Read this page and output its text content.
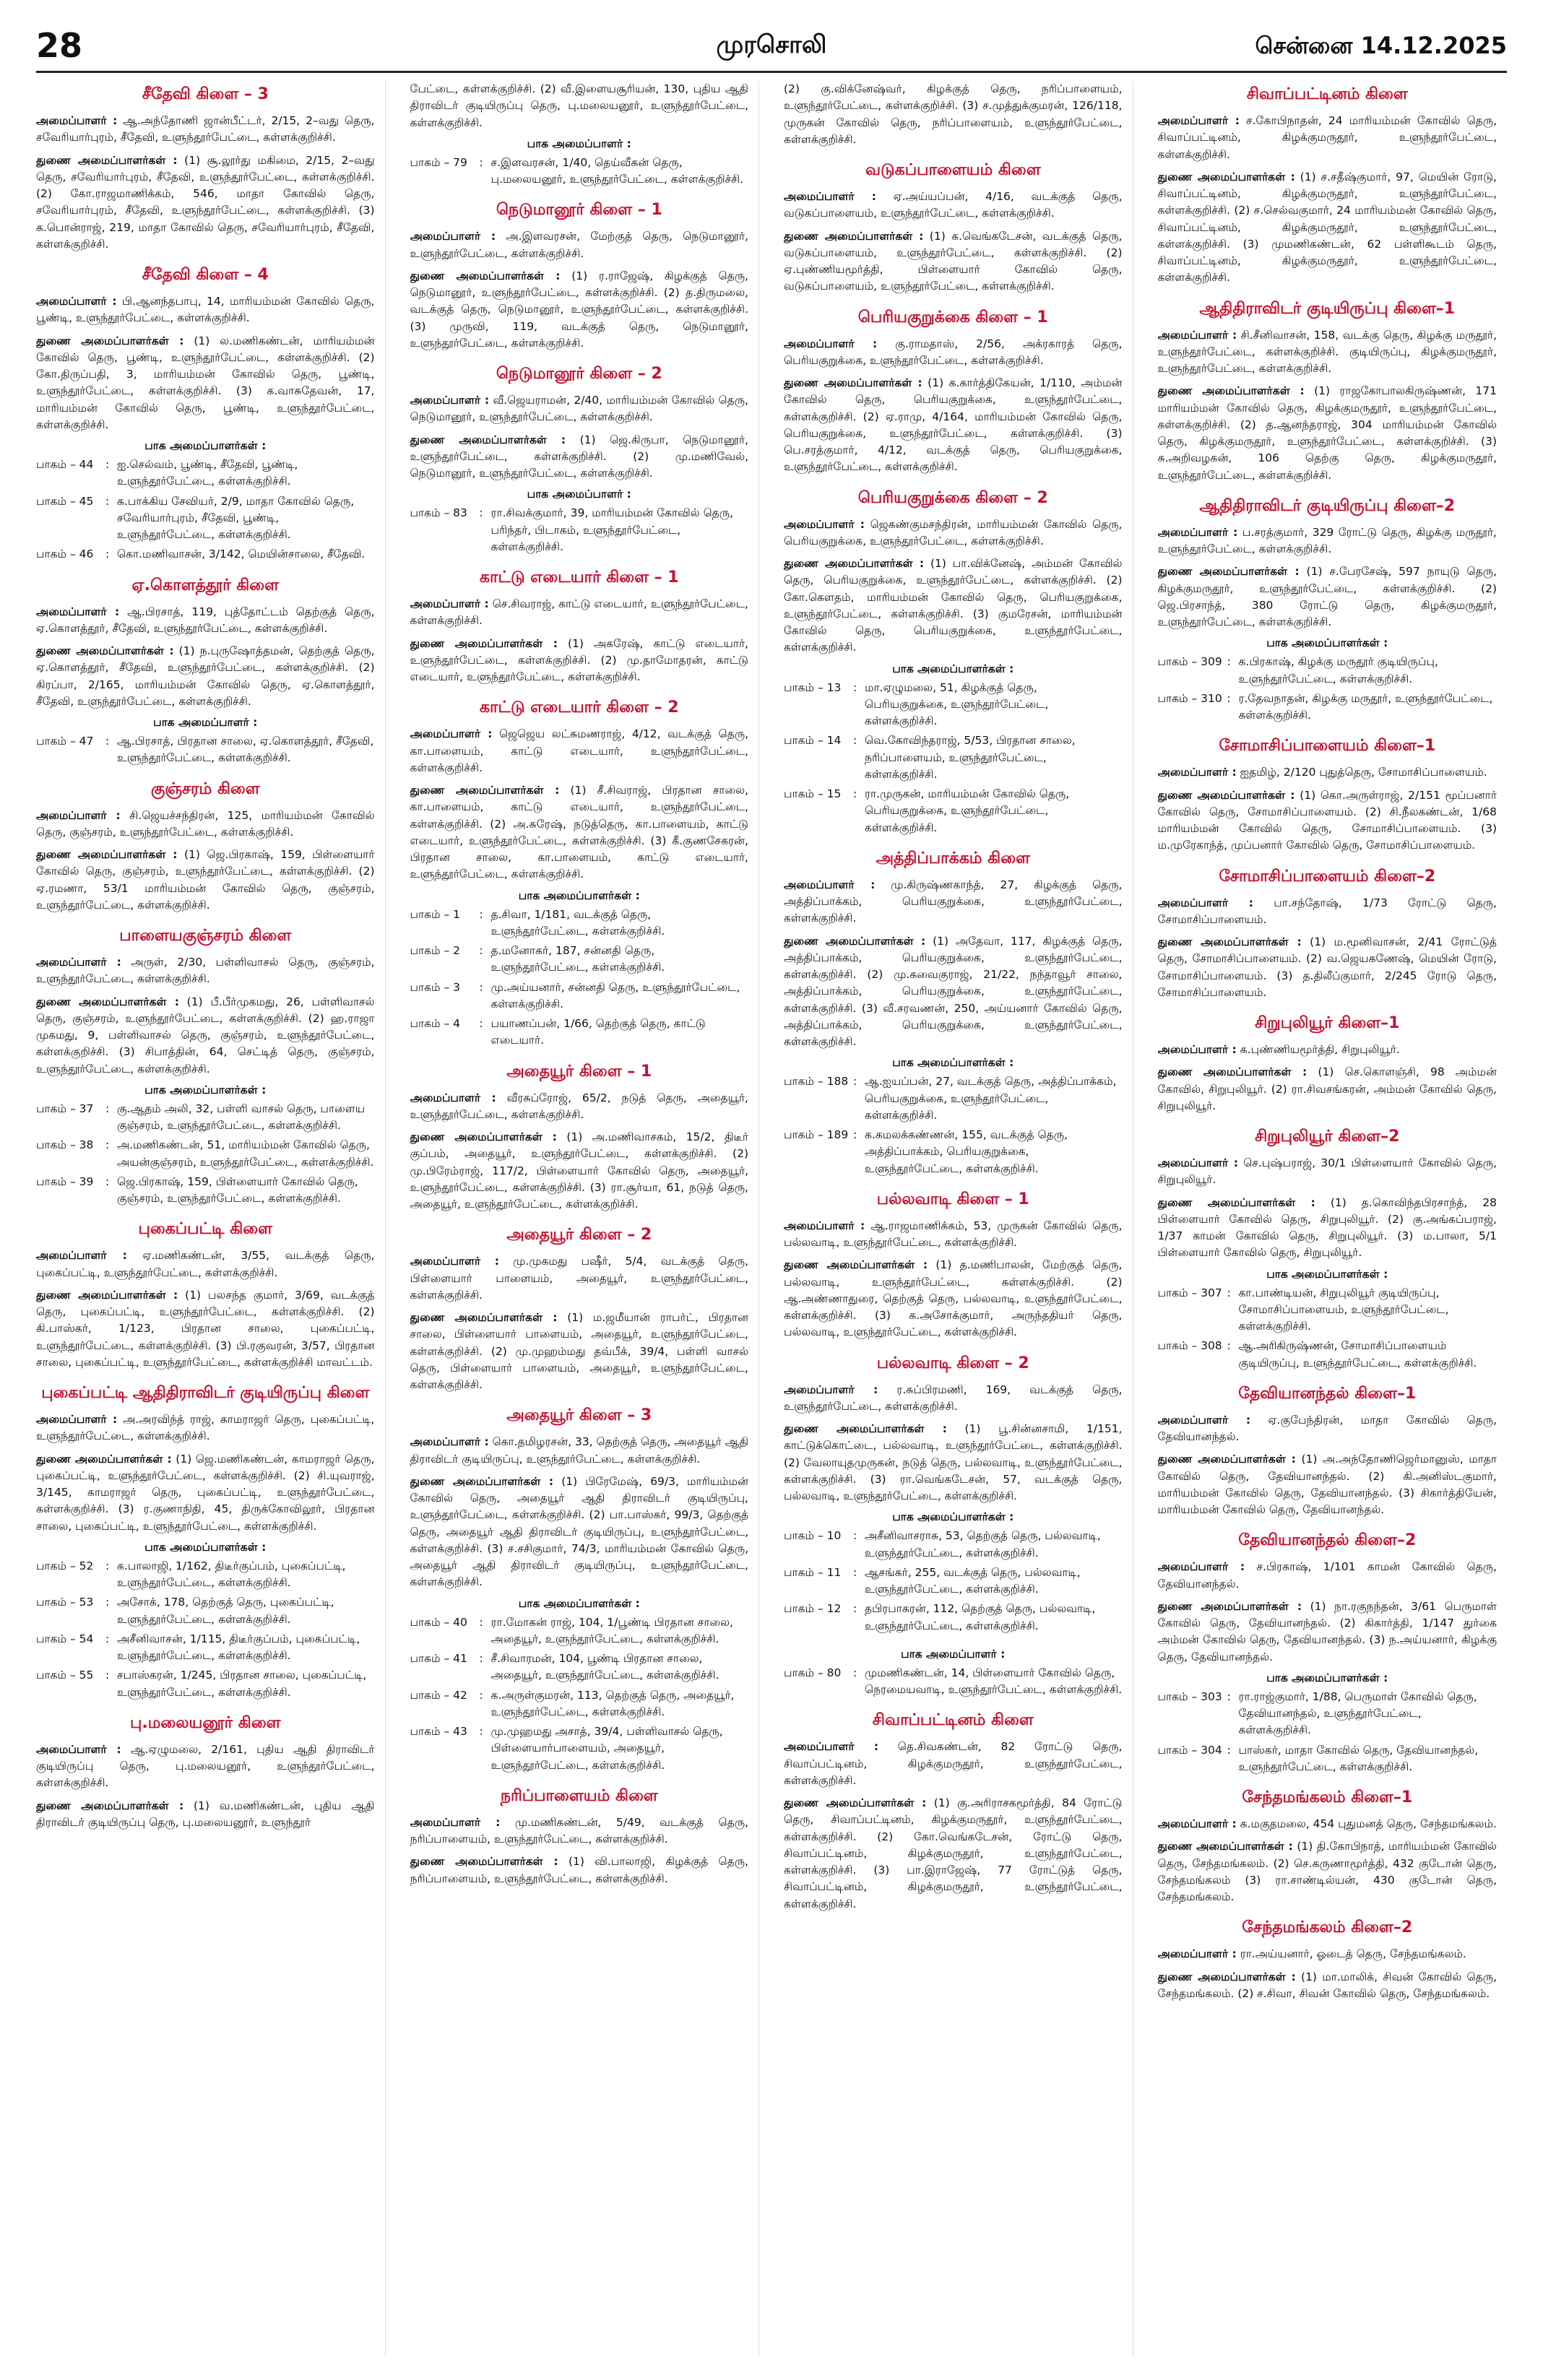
28	முரசொலி	சென்னை 14.12.2025
சீதேவி கிளை – 3
அமைப்பாளர் : ஆ.அந்தோணி ஜான்பீட்டர், 2/15, 2–வது தெரு, சவேரியார்புரம், சீதேவி, உளுந்தூர்பேட்டை, கள்ளக்குறிச்சி.
துணை அமைப்பாளர்கள் : (1) சூ.லூர்து மகிமை, 2/15, 2–வது தெரு, சவேரியார்புரம், சீதேவி, உளுந்தூர்பேட்டை, கள்ளக்குறிச்சி. (2) கோ.ராஜமாணிக்கம், 546, மாதா கோவில் தெரு, சவேரியார்புரம், சீதேவி, உளுந்தூர்பேட்டை, கள்ளக்குறிச்சி. (3) க.பொன்ராஜ், 219, மாதா கோவில் தெரு, சவேரியார்புரம், சீதேவி, கள்ளக்குறிச்சி.
சீதேவி கிளை – 4
அமைப்பாளர் : பி.ஆனந்தபாபு, 14, மாரியம்மன் கோவில் தெரு, பூண்டி, உளுந்தூர்பேட்டை, கள்ளக்குறிச்சி.
துணை அமைப்பாளர்கள் : (1) ல.மணிகண்டன், மாரியம்மன் கோவில் தெரு, பூண்டி, உளுந்தூர்பேட்டை, கள்ளக்குறிச்சி. (2) கோ.திருப்பதி, 3, மாரியம்மன் கோவில் தெரு, பூண்டி, உளுந்தூர்பேட்டை, கள்ளக்குறிச்சி. (3) க.வாசுதேவன், 17, மாரியம்மன் கோவில் தெரு, பூண்டி, உளுந்தூர்பேட்டை, கள்ளக்குறிச்சி.
பாக அமைப்பாளர்கள் :
பாகம் – 44	: ஐ.செல்வம், பூண்டி, சீதேவி, பூண்டி, உளுந்தூர்பேட்டை, கள்ளக்குறிச்சி.
பாகம் – 45	: க.பாக்கிய சேவியர், 2/9, மாதா கோவில் தெரு, சவேரியார்புரம், சீதேவி, பூண்டி, உளுந்தூர்பேட்டை, கள்ளக்குறிச்சி.
பாகம் – 46	: கொ.மணிவாசன், 3/142, மெயின்சாலை, சீதேவி.
ஏ.கொளத்தூர் கிளை
அமைப்பாளர் : ஆ.பிரசாத், 119, புத்தோட்டம் தெற்குத் தெரு, ஏ.கொளத்தூர், சீதேவி, உளுந்தூர்பேட்டை, கள்ளக்குறிச்சி.
துணை அமைப்பாளர்கள் : (1) ந.புருஷோத்தமன், தெற்குத் தெரு, ஏ.கொளத்தூர், சீதேவி, உளுந்தூர்பேட்டை, கள்ளக்குறிச்சி. (2) கிரப்பா, 2/165, மாரியம்மன் கோவில் தெரு, ஏ.கொளத்தூர், சீதேவி, உளுந்தூர்பேட்டை, கள்ளக்குறிச்சி.
பாக அமைப்பாளர் :
பாகம் – 47	: ஆ.பிரசாத், பிரதான சாலை, ஏ.கொளத்தூர், சீதேவி, உளுந்தூர்பேட்டை, கள்ளக்குறிச்சி.
குஞ்சரம் கிளை
அமைப்பாளர் : சி.ஜெயச்சந்திரன், 125, மாரியம்மன் கோவில் தெரு, குஞ்சரம், உளுந்தூர்பேட்டை, கள்ளக்குறிச்சி.
துணை அமைப்பாளர்கள் : (1) ஜெ.பிரகாஷ், 159, பிள்ளையார் கோவில் தெரு, குஞ்சரம், உளுந்தூர்பேட்டை, கள்ளக்குறிச்சி. (2) ஏ.ரமணா, 53/1 மாரியம்மன் கோவில் தெரு, குஞ்சரம், உளுந்தூர்பேட்டை, கள்ளக்குறிச்சி.
பாளையகுஞ்சரம் கிளை
அமைப்பாளர் : அருள், 2/30, பள்ளிவாசல் தெரு, குஞ்சரம், உளுந்தூர்பேட்டை, கள்ளக்குறிச்சி.
துணை அமைப்பாளர்கள் : (1) பீ.பீர்முகமது, 26, பள்ளிவாசல் தெரு, குஞ்சரம், உளுந்தூர்பேட்டை, கள்ளக்குறிச்சி. (2) ஹ.ராஜா முகமது, 9, பள்ளிவாசல் தெரு, குஞ்சரம், உளுந்தூர்பேட்டை, கள்ளக்குறிச்சி. (3) சிபாத்தின், 64, செட்டித் தெரு, குஞ்சரம், உளுந்தூர்பேட்டை, கள்ளக்குறிச்சி.
பாக அமைப்பாளர்கள் :
பாகம் – 37	: கு.ஆதம் அலி, 32, பள்ளி வாசல் தெரு, பாளைய குஞ்சரம், உளுந்தூர்பேட்டை, கள்ளக்குறிச்சி.
பாகம் – 38	: அ.மணிகண்டன், 51, மாரியம்மன் கோவில் தெரு, அயன்குஞ்சரம், உளுந்தூர்பேட்டை, கள்ளக்குறிச்சி.
பாகம் – 39	: ஜெ.பிரகாஷ், 159, பிள்ளையார் கோவில் தெரு, குஞ்சரம், உளுந்தூர்பேட்டை, கள்ளக்குறிச்சி.
புகைப்பட்டி கிளை
அமைப்பாளர் : ஏ.மணிகண்டன், 3/55, வடக்குத் தெரு, புகைப்பட்டி, உளுந்தூர்பேட்டை, கள்ளக்குறிச்சி.
துணை அமைப்பாளர்கள் : (1) பலசந்த குமார், 3/69, வடக்குத் தெரு, புகைப்பட்டி, உளுந்தூர்பேட்டை, கள்ளக்குறிச்சி. (2) கி.பாஸ்கர், 1/123, பிரதான சாலை, புகைப்பட்டி, உளுந்தூர்பேட்டை, கள்ளக்குறிச்சி. (3) பி.ரகுவரன், 3/57, பிரதான சாலை, புகைப்பட்டி, உளுந்தூர்பேட்டை, கள்ளக்குறிச்சி மாவட்டம்.
புகைப்பட்டி ஆதிதிராவிடர் குடியிருப்பு கிளை
அமைப்பாளர் : அ.அரவிந்த் ராஜ், காமராஜர் தெரு, புகைப்பட்டி, உளுந்தூர்பேட்டை, கள்ளக்குறிச்சி.
துணை அமைப்பாளர்கள் : (1) ஜெ.மணிகண்டன், காமராஜர் தெரு, புகைப்பட்டி, உளுந்தூர்பேட்டை, கள்ளக்குறிச்சி. (2) சி.யுவராஜ், 3/145, காமராஜர் தெரு, புகைப்பட்டி, உளுந்தூர்பேட்டை, கள்ளக்குறிச்சி. (3) ர.குணாநிதி, 45, திருக்கோவிலூர், பிரதான சாலை, புகைப்பட்டி, உளுந்தூர்பேட்டை, கள்ளக்குறிச்சி.
பாக அமைப்பாளர்கள் :
பாகம் – 52	: க.பாலாஜி, 1/162, திடீர்குப்பம், புகைப்பட்டி, உளுந்தூர்பேட்டை, கள்ளக்குறிச்சி.
பாகம் – 53	: அசோக், 178, தெற்குத் தெரு, புகைப்பட்டி, உளுந்தூர்பேட்டை, கள்ளக்குறிச்சி.
பாகம் – 54	: அசீனிவாசன், 1/115, திடீர்குப்பம், புகைப்பட்டி, உளுந்தூர்பேட்டை, கள்ளக்குறிச்சி.
பாகம் – 55	: சபாஸ்கரன், 1/245, பிரதான சாலை, புகைப்பட்டி, உளுந்தூர்பேட்டை, கள்ளக்குறிச்சி.
பு.மலையனூர் கிளை
அமைப்பாளர் : ஆ.ஏழுமலை, 2/161, புதிய ஆதி திராவிடர் குடியிருப்பு தெரு, பு.மலையனூர், உளுந்தூர்பேட்டை, கள்ளக்குறிச்சி.
துணை அமைப்பாளர்கள் : (1) வ.மணிகண்டன், புதிய ஆதி திராவிடர் குடியிருப்பு தெரு, பு.மலையனூர், உளுந்தூர்
பேட்டை, கள்ளக்குறிச்சி. (2) வீ.இளையசூரியன், 130, புதிய ஆதி திராவிடர் குடியிருப்பு தெரு, பு.மலையனூர், உளுந்தூர்பேட்டை, கள்ளக்குறிச்சி.
பாக அமைப்பாளர் :
பாகம் – 79	: ச.இளவரசன், 1/40, தெய்வீகன் தெரு, பு.மலையனூர், உளுந்தூர்பேட்டை, கள்ளக்குறிச்சி.
நெடுமானூர் கிளை – 1
அமைப்பாளர் : அ.இளவரசன், மேற்குத் தெரு, நெடுமானூர், உளுந்தூர்பேட்டை, கள்ளக்குறிச்சி.
துணை அமைப்பாளர்கள் : (1) ர.ராஜேஷ், கிழக்குத் தெரு, நெடுமானூர், உளுந்தூர்பேட்டை, கள்ளக்குறிச்சி. (2) த.திருமலை, வடக்குத் தெரு, நெடுமானூர், உளுந்தூர்பேட்டை, கள்ளக்குறிச்சி. (3) முருவி, 119, வடக்குத் தெரு, நெடுமானூர், உளுந்தூர்பேட்டை, கள்ளக்குறிச்சி.
நெடுமானூர் கிளை – 2
அமைப்பாளர் : வீ.ஜெயராமன், 2/40, மாரியம்மன் கோவில் தெரு, நெடுமானூர், உளுந்தூர்பேட்டை, கள்ளக்குறிச்சி.
துணை அமைப்பாளர்கள் : (1) ஜெ.கிருபா, நெடுமானூர், உளுந்தூர்பேட்டை, கள்ளக்குறிச்சி. (2) மு.மணிவேல், நெடுமானூர், உளுந்தூர்பேட்டை, கள்ளக்குறிச்சி.
பாக அமைப்பாளர் :
பாகம் – 83	: ரா.சிவக்குமார், 39, மாரியம்மன் கோவில் தெரு, பரிந்தர், பிடாகம், உளுந்தூர்பேட்டை, கள்ளக்குறிச்சி.
காட்டு எடையார் கிளை – 1
அமைப்பாளர் : செ.சிவராஜ், காட்டு எடையார், உளுந்தூர்பேட்டை, கள்ளக்குறிச்சி.
துணை அமைப்பாளர்கள் : (1) அகரேஷ், காட்டு எடையார், உளுந்தூர்பேட்டை, கள்ளக்குறிச்சி. (2) மு.தாமோதரன், காட்டு எடையார், உளுந்தூர்பேட்டை, கள்ளக்குறிச்சி.
காட்டு எடையார் கிளை – 2
அமைப்பாளர் : ஜெஜெய லட்சுமணராஜ், 4/12, வடக்குத் தெரு, கா.பாளையம், காட்டு எடையார், உளுந்தூர்பேட்டை, கள்ளக்குறிச்சி.
துணை அமைப்பாளர்கள் : (1) சீ.சிவராஜ், பிரதான சாலை, கா.பாளையம், காட்டு எடையார், உளுந்தூர்பேட்டை, கள்ளக்குறிச்சி. (2) அ.சுரேஷ், நடுத்தெரு, கா.பாளையம், காட்டு எடையார், உளுந்தூர்பேட்டை, கள்ளக்குறிச்சி. (3) கீ.குணசேகரன், பிரதான சாலை, கா.பாளையம், காட்டு எடையார், உளுந்தூர்பேட்டை, கள்ளக்குறிச்சி.
பாக அமைப்பாளர்கள் :
பாகம் – 1	: த.சிவா, 1/181, வடக்குத் தெரு, உளுந்தூர்பேட்டை, கள்ளக்குறிச்சி.
பாகம் – 2	: த.மனோகர், 187, சன்னதி தெரு, உளுந்தூர்பேட்டை, கள்ளக்குறிச்சி.
பாகம் – 3	: மு.அய்யனார், சன்னதி தெரு, உளுந்தூர்பேட்டை, கள்ளக்குறிச்சி.
பாகம் – 4	: பயாணப்பன், 1/66, தெற்குத் தெரு, காட்டு எடையார்.
அதையூர் கிளை – 1
அமைப்பாளர் : வீரசுப்ரோஜ், 65/2, நடுத் தெரு, அதையூர், உளுந்தூர்பேட்டை, கள்ளக்குறிச்சி.
துணை அமைப்பாளர்கள் : (1) அ.மணிவாசகம், 15/2, திடீர் குப்பம், அதையூர், உளுந்தூர்பேட்டை, கள்ளக்குறிச்சி. (2) மு.பிரேம்ராஜ், 117/2, பிள்ளையார் கோவில் தெரு, அதையூர், உளுந்தூர்பேட்டை, கள்ளக்குறிச்சி. (3) ரா.சூர்யா, 61, நடுத் தெரு, அதையூர், உளுந்தூர்பேட்டை, கள்ளக்குறிச்சி.
அதையூர் கிளை – 2
அமைப்பாளர் : மு.முகமது பஷீர், 5/4, வடக்குத் தெரு, பிள்ளையார் பாளையம், அதையூர், உளுந்தூர்பேட்டை, கள்ளக்குறிச்சி.
துணை அமைப்பாளர்கள் : (1) ம.ஜமீயான் ராபர்ட், பிரதான சாலை, பிள்ளையார் பாளையம், அதையூர், உளுந்தூர்பேட்டை, கள்ளக்குறிச்சி. (2) மு.முஹம்மது தவ்பீக், 39/4, பள்ளி வாசல் தெரு, பிள்ளையார் பாளையம், அதையூர், உளுந்தூர்பேட்டை, கள்ளக்குறிச்சி.
அதையூர் கிளை – 3
அமைப்பாளர் : கொ.தமிழரசன், 33, தெற்குத் தெரு, அதையூர் ஆதி திராவிடர் குடியிருப்பு, உளுந்தூர்பேட்டை, கள்ளக்குறிச்சி.
துணை அமைப்பாளர்கள் : (1) பிரேமேஷ், 69/3, மாரியம்மன் கோவில் தெரு, அதையூர் ஆதி திராவிடர் குடியிருப்பு, உளுந்தூர்பேட்டை, கள்ளக்குறிச்சி. (2) பா.பாஸ்கர், 99/3, தெற்குத் தெரு, அதையூர் ஆதி திராவிடர் குடியிருப்பு, உளுந்தூர்பேட்டை, கள்ளக்குறிச்சி. (3) ச.சசிகுமார், 74/3, மாரியம்மன் கோவில் தெரு, அதையூர் ஆதி திராவிடர் குடியிருப்பு, உளுந்தூர்பேட்டை, கள்ளக்குறிச்சி.
பாக அமைப்பாளர்கள் :
பாகம் – 40	: ரா.மோகன் ராஜ், 104, 1/பூண்டி பிரதான சாலை, அதையூர், உளுந்தூர்பேட்டை, கள்ளக்குறிச்சி.
பாகம் – 41	: சீ.சிவாரமன், 104, பூண்டி பிரதான சாலை, அதையூர், உளுந்தூர்பேட்டை, கள்ளக்குறிச்சி.
பாகம் – 42	: க.அருள்குமரன், 113, தெற்குத் தெரு, அதையூர், உளுந்தூர்பேட்டை, கள்ளக்குறிச்சி.
பாகம் – 43	: மு.முஹமது அசாத், 39/4, பள்ளிவாசல் தெரு, பிள்ளையார்பாளையம், அதையூர், உளுந்தூர்பேட்டை, கள்ளக்குறிச்சி.
நரிப்பாளையம் கிளை
அமைப்பாளர் : மு.மணிகண்டன், 5/49, வடக்குத் தெரு, நரிப்பாளையம், உளுந்தூர்பேட்டை, கள்ளக்குறிச்சி.
துணை அமைப்பாளர்கள் : (1) வி.பாலாஜி, கிழக்குத் தெரு, நரிப்பாளையம், உளுந்தூர்பேட்டை, கள்ளக்குறிச்சி.
(2) கு.விக்னேஷ்வர், கிழக்குத் தெரு, நரிப்பாளையம், உளுந்தூர்பேட்டை, கள்ளக்குறிச்சி. (3) ச.முத்துக்குமரன், 126/118, முருகன் கோவில் தெரு, நரிப்பாளையம், உளுந்தூர்பேட்டை, கள்ளக்குறிச்சி.
வடுகப்பாளையம் கிளை
அமைப்பாளர் : ஏ.அய்யப்பன், 4/16, வடக்குத் தெரு, வடுகப்பாளையம், உளுந்தூர்பேட்டை, கள்ளக்குறிச்சி.
துணை அமைப்பாளர்கள் : (1) க.வெங்கடேசன், வடக்குத் தெரு, வடுகப்பாளையம், உளுந்தூர்பேட்டை, கள்ளக்குறிச்சி. (2) ஏ.புண்ணியமூர்த்தி, பிள்ளையார் கோவில் தெரு, வடுகப்பாளையம், உளுந்தூர்பேட்டை, கள்ளக்குறிச்சி.
பெரியகுறுக்கை கிளை – 1
அமைப்பாளர் : கு.ராமதாஸ், 2/56, அக்ரகாரத் தெரு, பெரியகுறுக்கை, உளுந்தூர்பேட்டை, கள்ளக்குறிச்சி.
துணை அமைப்பாளர்கள் : (1) க.கார்த்திகேயன், 1/110, அம்மன் கோவில் தெரு, பெரியகுறுக்கை, உளுந்தூர்பேட்டை, கள்ளக்குறிச்சி. (2) ஏ.ராமு, 4/164, மாரியம்மன் கோவில் தெரு, பெரியகுறுக்கை, உளுந்தூர்பேட்டை, கள்ளக்குறிச்சி. (3) பெ.சரத்குமார், 4/12, வடக்குத் தெரு, பெரியகுறுக்கை, உளுந்தூர்பேட்டை, கள்ளக்குறிச்சி.
பெரியகுறுக்கை கிளை – 2
அமைப்பாளர் : ஜெகண்குமசந்திரன், மாரியம்மன் கோவில் தெரு, பெரியகுறுக்கை, உளுந்தூர்பேட்டை, கள்ளக்குறிச்சி.
துணை அமைப்பாளர்கள் : (1) பா.விக்னேஷ், அம்மன் கோவில் தெரு, பெரியகுறுக்கை, உளுந்தூர்பேட்டை, கள்ளக்குறிச்சி. (2) கோ.கௌதம், மாரியம்மன் கோவில் தெரு, பெரியகுறுக்கை, உளுந்தூர்பேட்டை, கள்ளக்குறிச்சி. (3) குமரேசன், மாரியம்மன் கோவில் தெரு, பெரியகுறுக்கை, உளுந்தூர்பேட்டை, கள்ளக்குறிச்சி.
பாக அமைப்பாளர்கள் :
பாகம் – 13	: மா.ஏழுமலை, 51, கிழக்குத் தெரு, பெரியகுறுக்கை, உளுந்தூர்பேட்டை, கள்ளக்குறிச்சி.
பாகம் – 14	: வெ.கோவிந்தராஜ், 5/53, பிரதான சாலை, நரிப்பாளையம், உளுந்தூர்பேட்டை, கள்ளக்குறிச்சி.
பாகம் – 15	: ரா.முருகன், மாரியம்மன் கோவில் தெரு, பெரியகுறுக்கை, உளுந்தூர்பேட்டை, கள்ளக்குறிச்சி.
அத்திப்பாக்கம் கிளை
அமைப்பாளர் : மு.கிருஷ்ணகாந்த், 27, கிழக்குத் தெரு, அத்திப்பாக்கம், பெரியகுறுக்கை, உளுந்தூர்பேட்டை, கள்ளக்குறிச்சி.
துணை அமைப்பாளர்கள் : (1) அதேவா, 117, கிழக்குத் தெரு, அத்திப்பாக்கம், பெரியகுறுக்கை, உளுந்தூர்பேட்டை, கள்ளக்குறிச்சி. (2) மு.கவைகுராஜ், 21/22, நந்தாவூர் சாலை, அத்திப்பாக்கம், பெரியகுறுக்கை, உளுந்தூர்பேட்டை, கள்ளக்குறிச்சி. (3) வீ.சரவணன், 250, அய்யனார் கோவில் தெரு, அத்திப்பாக்கம், பெரியகுறுக்கை, உளுந்தூர்பேட்டை, கள்ளக்குறிச்சி.
பாக அமைப்பாளர்கள் :
பாகம் – 188 : ஆ.ஐயப்பன், 27, வடக்குத் தெரு, அத்திப்பாக்கம், பெரியகுறுக்கை, உளுந்தூர்பேட்டை, கள்ளக்குறிச்சி.
பாகம் – 189 : க.கமலக்கண்ணன், 155, வடக்குத் தெரு, அத்திப்பாக்கம், பெரியகுறுக்கை, உளுந்தூர்பேட்டை, கள்ளக்குறிச்சி.
பல்லவாடி கிளை – 1
அமைப்பாளர் : ஆ.ராஜமாணிக்கம், 53, முருகன் கோவில் தெரு, பல்லவாடி, உளுந்தூர்பேட்டை, கள்ளக்குறிச்சி.
துணை அமைப்பாளர்கள் : (1) த.மணிபாலன், மேற்குத் தெரு, பல்லவாடி, உளுந்தூர்பேட்டை, கள்ளக்குறிச்சி. (2) ஆ.அண்ணாதுரை, தெற்குத் தெரு, பல்லவாடி, உளுந்தூர்பேட்டை, கள்ளக்குறிச்சி. (3) க.அசோக்குமார், அருந்ததியர் தெரு, பல்லவாடி, உளுந்தூர்பேட்டை, கள்ளக்குறிச்சி.
பல்லவாடி கிளை – 2
அமைப்பாளர் : ர.சுப்பிரமணி, 169, வடக்குத் தெரு, உளுந்தூர்பேட்டை, கள்ளக்குறிச்சி.
துணை அமைப்பாளர்கள் : (1) பூ.சின்னசாமி, 1/151, காட்டுக்கொட்டை, பல்லவாடி, உளுந்தூர்பேட்டை, கள்ளக்குறிச்சி. (2) வேலாயுதமுருகன், நடுத் தெரு, பல்லவாடி, உளுந்தூர்பேட்டை, கள்ளக்குறிச்சி. (3) ரா.வெங்கடேசன், 57, வடக்குத் தெரு, பல்லவாடி, உளுந்தூர்பேட்டை, கள்ளக்குறிச்சி.
பாக அமைப்பாளர்கள் :
பாகம் – 10	: அசீனிவாசராசு, 53, தெற்குத் தெரு, பல்லவாடி, உளுந்தூர்பேட்டை, கள்ளக்குறிச்சி.
பாகம் – 11	: ஆசங்கர், 255, வடக்குத் தெரு, பல்லவாடி, உளுந்தூர்பேட்டை, கள்ளக்குறிச்சி.
பாகம் – 12	: தபிரபாகரன், 112, தெற்குத் தெரு, பல்லவாடி, உளுந்தூர்பேட்டை, கள்ளக்குறிச்சி.
பாக அமைப்பாளர் :
பாகம் – 80	: முமணிகண்டன், 14, பிள்ளையார் கோவில் தெரு, நெரமையவாடி, உளுந்தூர்பேட்டை, கள்ளக்குறிச்சி.
சிவாப்பட்டினம் கிளை
அமைப்பாளர் : தெ.சிவகண்டன், 82 ரோட்டு தெரு, சிவாப்பட்டினம், கிழக்குமருதூர், உளுந்தூர்பேட்டை, கள்ளக்குறிச்சி.
துணை அமைப்பாளர்கள் : (1) கு.அரிராசகமூர்த்தி, 84 ரோட்டு தெரு, சிவாப்பட்டினம், கிழக்குமருதூர், உளுந்தூர்பேட்டை, கள்ளக்குறிச்சி. (2) கோ.வெங்கடேசன், ரோட்டு தெரு, சிவாப்பட்டினம், கிழக்குமருதூர், உளுந்தூர்பேட்டை, கள்ளக்குறிச்சி. (3) பா.இராஜேஷ், 77 ரோட்டுத் தெரு, சிவாப்பட்டினம், கிழக்குமருதூர், உளுந்தூர்பேட்டை, கள்ளக்குறிச்சி.
சிவாப்பட்டினம் கிளை
அமைப்பாளர் : ச.கோபிநாதன், 24 மாரியம்மன் கோவில் தெரு, சிவாப்பட்டினம், கிழக்குமருதூர், உளுந்தூர்பேட்டை, கள்ளக்குறிச்சி.
துணை அமைப்பாளர்கள் : (1) ச.சதீஷ்குமார், 97, மெயின் ரோடு, சிவாப்பட்டினம், கிழக்குமருதூர், உளுந்தூர்பேட்டை, கள்ளக்குறிச்சி. (2) ச.செல்வகுமார், 24 மாரியம்மன் கோவில் தெரு, சிவாப்பட்டினம், கிழக்குமருதூர், உளுந்தூர்பேட்டை, கள்ளக்குறிச்சி. (3) முமணிகண்டன், 62 பள்ளிகூடம் தெரு, சிவாப்பட்டினம், கிழக்குமருதூர், உளுந்தூர்பேட்டை, கள்ளக்குறிச்சி.
ஆதிதிராவிடர் குடியிருப்பு கிளை–1
அமைப்பாளர் : சி.சீனிவாசன், 158, வடக்கு தெரு, கிழக்கு மருதூர், உளுந்தூர்பேட்டை, கள்ளக்குறிச்சி. குடியிருப்பு, கிழக்குமருதூர், உளுந்தூர்பேட்டை, கள்ளக்குறிச்சி.
துணை அமைப்பாளர்கள் : (1) ராஜகோபாலகிருஷ்ணன், 171 மாரியம்மன் கோவில் தெரு, கிழக்குமருதூர், உளுந்தூர்பேட்டை, கள்ளக்குறிச்சி. (2) த.ஆனந்தராஜ், 304 மாரியம்மன் கோவில் தெரு, கிழக்குமருதூர், உளுந்தூர்பேட்டை, கள்ளக்குறிச்சி. (3) சு.அறிவழகன், 106 தெற்கு தெரு, கிழக்குமருதூர், உளுந்தூர்பேட்டை, கள்ளக்குறிச்சி.
ஆதிதிராவிடர் குடியிருப்பு கிளை–2
அமைப்பாளர் : ப.சரத்குமார், 329 ரோட்டு தெரு, கிழக்கு மருதூர், உளுந்தூர்பேட்டை, கள்ளக்குறிச்சி.
துணை அமைப்பாளர்கள் : (1) ச.பேரசேஷ், 597 நாயுடு தெரு, கிழக்குமருதூர், உளுந்தூர்பேட்டை, கள்ளக்குறிச்சி. (2) ஜெ.பிரசாந்த், 380 ரோட்டு தெரு, கிழக்குமருதூர், உளுந்தூர்பேட்டை, கள்ளக்குறிச்சி.
பாக அமைப்பாளர்கள் :
பாகம் – 309 : க.பிரகாஷ், கிழக்கு மருதூர் குடியிருப்பு, உளுந்தூர்பேட்டை, கள்ளக்குறிச்சி.
பாகம் – 310 : ர.தேவநாதன், கிழக்கு மருதூர், உளுந்தூர்பேட்டை, கள்ளக்குறிச்சி.
சோமாசிப்பாளையம் கிளை–1
அமைப்பாளர் : ஐதமிழ், 2/120 புதுத்தெரு, சோமாசிப்பாளையம்.
துணை அமைப்பாளர்கள் : (1) கொ.அருள்ராஜ், 2/151 மூப்பனார் கோவில் தெரு, சோமாசிப்பாளையம். (2) சி.நீலகண்டன், 1/68 மாரியம்மன் கோவில் தெரு, சோமாசிப்பாளையம். (3) ம.முரேகாந்த், முப்பனார் கோவில் தெரு, சோமாசிப்பாளையம்.
சோமாசிப்பாளையம் கிளை–2
அமைப்பாளர் : பா.சந்தோஷ், 1/73 ரோட்டு தெரு, சோமாசிப்பாளையம்.
துணை அமைப்பாளர்கள் : (1) ம.மூனிவாசன், 2/41 ரோட்டுத் தெரு, சோமாசிப்பாளையம். (2) வ.ஜெயகணேஷ், மெயின் ரோடு, சோமாசிப்பாளையம். (3) த.திலீப்குமார், 2/245 ரோடு தெரு, சோமாசிப்பாளையம்.
சிறுபுலியூர் கிளை–1
அமைப்பாளர் : க.புண்ணியமூர்த்தி, சிறுபுலியூர்.
துணை அமைப்பாளர்கள் : (1) செ.கொளஞ்சி, 98 அம்மன் கோவில், சிறுபுலியூர். (2) ரா.சிவசங்கரன், அம்மன் கோவில் தெரு, சிறுபுலியூர்.
சிறுபுலியூர் கிளை–2
அமைப்பாளர் : செ.புஷ்பராஜ், 30/1 பிள்ளையார் கோவில் தெரு, சிறுபுலியூர்.
துணை அமைப்பாளர்கள் : (1) த.கொவிந்தபிரசாந்த், 28 பிள்ளையார் கோவில் தெரு, சிறுபுலியூர். (2) கு.அங்கப்பராஜ், 1/37 காமன் கோவில் தெரு, சிறுபுலியூர். (3) ம.பாலா, 5/1 பிள்ளையார் கோவில் தெரு, சிறுபுலியூர்.
பாக அமைப்பாளர்கள் :
பாகம் – 307 : கா.பாண்டியன், சிறுபுலியூர் குடியிருப்பு, சோமாசிப்பாளையம், உளுந்தூர்பேட்டை, கள்ளக்குறிச்சி.
பாகம் – 308 : ஆ.அரிகிருஷ்ணன், சோமாசிப்பாளையம் குடியிருப்பு, உளுந்தூர்பேட்டை, கள்ளக்குறிச்சி.
தேவியானந்தல் கிளை–1
அமைப்பாளர் : ஏ.குபேந்திரன், மாதா கோவில் தெரு, தேவியானந்தல்.
துணை அமைப்பாளர்கள் : (1) அ.அந்தோணிஜெர்மானுஸ், மாதா கோவில் தெரு, தேவியானந்தல். (2) கி.அனிஸ்டகுமார், மாரியம்மன் கோவில் தெரு, தேவியானந்தல். (3) சிகார்த்தியேன், மாரியம்மன் கோவில் தெரு, தேவியானந்தல்.
தேவியானந்தல் கிளை–2
அமைப்பாளர் : ச.பிரகாஷ், 1/101 காமன் கோவில் தெரு, தேவியானந்தல்.
துணை அமைப்பாளர்கள் : (1) நா.ரகுநந்தன், 3/61 பெருமாள் கோவில் தெரு, தேவியானந்தல். (2) கிகார்த்தி, 1/147 துர்கை அம்மன் கோவில் தெரு, தேவியானந்தல். (3) ந.அய்யனார், கிழக்கு தெரு, தேவியானந்தல்.
பாக அமைப்பாளர்கள் :
பாகம் – 303 : ரா.ராஜ்குமார், 1/88, பெருமாள் கோவில் தெரு, தேவியானந்தல், உளுந்தூர்பேட்டை, கள்ளக்குறிச்சி.
பாகம் – 304 : பாஸ்கர், மாதா கோவில் தெரு, தேவியானந்தல், உளுந்தூர்பேட்டை, கள்ளக்குறிச்சி.
சேந்தமங்கலம் கிளை–1
அமைப்பாளர் : க.மகுதமலை, 454 புதுமனத் தெரு, சேந்தமங்கலம்.
துணை அமைப்பாளர்கள் : (1) தி.கோபிநாத், மாரியம்மன் கோவில் தெரு, சேந்தமங்கலம். (2) செ.கருணாமூர்த்தி, 432 குடோன் தெரு, சேந்தமங்கலம் (3) ரா.சாண்டில்யன், 430 குடோன் தெரு, சேந்தமங்கலம்.
சேந்தமங்கலம் கிளை–2
அமைப்பாளர் : ரா.அய்யனார், ஓடைத் தெரு, சேந்தமங்கலம்.
துணை அமைப்பாளர்கள் : (1) மா.மாலிக், சிவன் கோவில் தெரு, சேந்தமங்கலம். (2) ச.சிவா, சிவன் கோவில் தெரு, சேந்தமங்கலம்.
